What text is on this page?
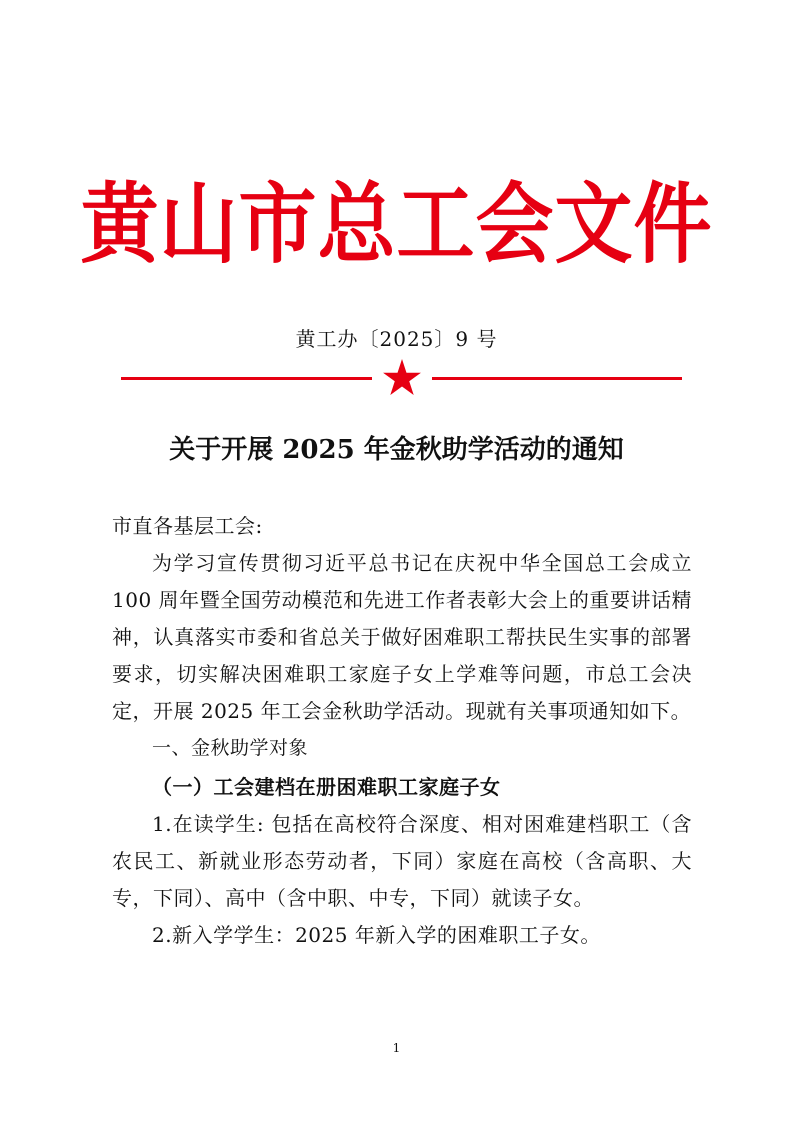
黄山市总工会文件
黄工办〔2025〕9 号
关于开展 2025 年金秋助学活动的通知

市直各基层工会:

为学习宣传贯彻习近平总书记在庆祝中华全国总工会成立 100 周年暨全国劳动模范和先进工作者表彰大会上的重要讲话精神，认真落实市委和省总关于做好困难职工帮扶民生实事的部署要求，切实解决困难职工家庭子女上学难等问题，市总工会决定，开展 2025 年工会金秋助学活动。现就有关事项通知如下。

一、金秋助学对象

（一）工会建档在册困难职工家庭子女

1.在读学生: 包括在高校符合深度、相对困难建档职工（含农民工、新就业形态劳动者，下同）家庭在高校（含高职、大专，下同）、高中（含中职、中专，下同）就读子女。

2.新入学学生：2025 年新入学的困难职工子女。

1
